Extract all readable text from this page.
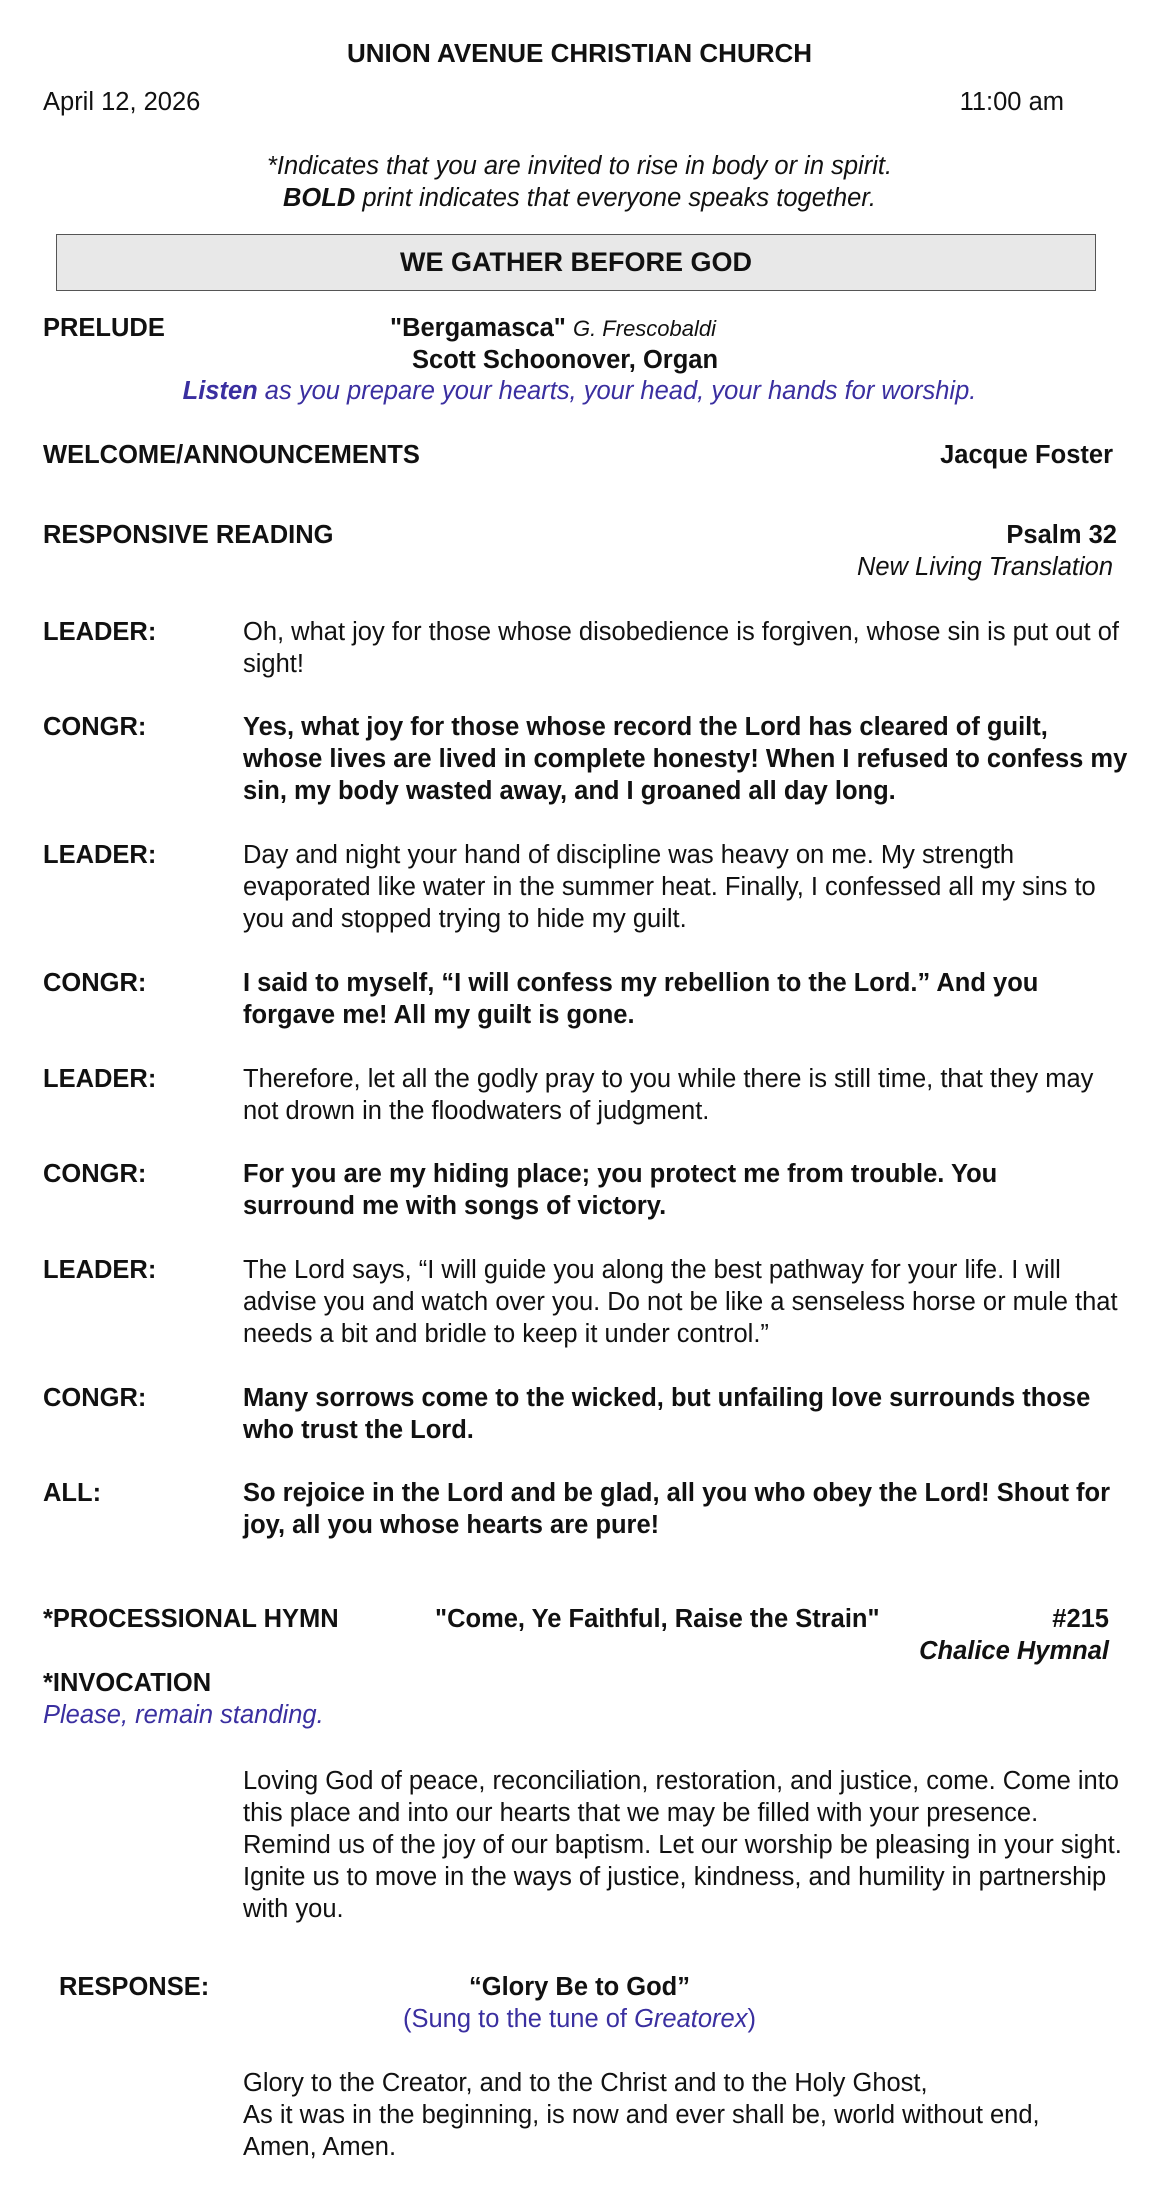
UNION AVENUE CHRISTIAN CHURCH
April 12, 2026	11:00 am
*Indicates that you are invited to rise in body or in spirit.
BOLD print indicates that everyone speaks together.
WE GATHER BEFORE GOD
PRELUDE	"Bergamasca" G. Frescobaldi
Scott Schoonover, Organ
Listen as you prepare your hearts, your head, your hands for worship.
WELCOME/ANNOUNCEMENTS	Jacque Foster
RESPONSIVE READING	Psalm 32
New Living Translation
LEADER:	Oh, what joy for those whose disobedience is forgiven, whose sin is put out of sight!
CONGR:	Yes, what joy for those whose record the Lord has cleared of guilt, whose lives are lived in complete honesty! When I refused to confess my sin, my body wasted away, and I groaned all day long.
LEADER:	Day and night your hand of discipline was heavy on me. My strength evaporated like water in the summer heat. Finally, I confessed all my sins to you and stopped trying to hide my guilt.
CONGR:	I said to myself, “I will confess my rebellion to the Lord.” And you forgave me! All my guilt is gone.
LEADER:	Therefore, let all the godly pray to you while there is still time, that they may not drown in the floodwaters of judgment.
CONGR:	For you are my hiding place; you protect me from trouble. You surround me with songs of victory.
LEADER:	The Lord says, “I will guide you along the best pathway for your life. I will advise you and watch over you. Do not be like a senseless horse or mule that needs a bit and bridle to keep it under control.”
CONGR:	Many sorrows come to the wicked, but unfailing love surrounds those who trust the Lord.
ALL:	So rejoice in the Lord and be glad, all you who obey the Lord! Shout for joy, all you whose hearts are pure!
*PROCESSIONAL HYMN	"Come, Ye Faithful, Raise the Strain"	#215
Chalice Hymnal
*INVOCATION
Please, remain standing.
Loving God of peace, reconciliation, restoration, and justice, come. Come into this place and into our hearts that we may be filled with your presence. Remind us of the joy of our baptism. Let our worship be pleasing in your sight. Ignite us to move in the ways of justice, kindness, and humility in partnership with you.
RESPONSE:	“Glory Be to God”
(Sung to the tune of Greatorex)
Glory to the Creator, and to the Christ and to the Holy Ghost,
As it was in the beginning, is now and ever shall be, world without end,
Amen, Amen.
